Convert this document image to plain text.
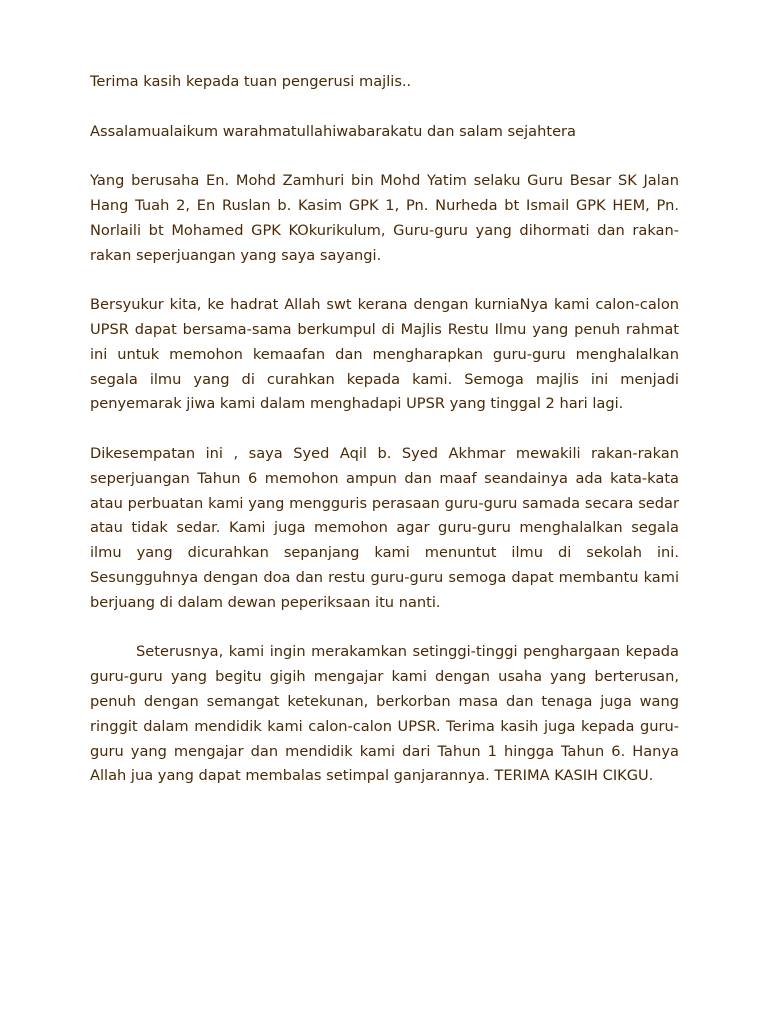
Terima kasih kepada tuan pengerusi majlis..

Assalamualaikum warahmatullahiwabarakatu dan salam sejahtera

Yang berusaha En. Mohd Zamhuri bin Mohd Yatim selaku Guru Besar SK Jalan Hang Tuah 2, En Ruslan b. Kasim GPK 1, Pn. Nurheda bt Ismail GPK HEM, Pn. Norlaili bt Mohamed GPK KOkurikulum, Guru-guru yang dihormati dan rakan-rakan seperjuangan yang saya sayangi.

Bersyukur kita, ke hadrat Allah swt kerana dengan kurniaNya kami calon-calon UPSR dapat bersama-sama berkumpul di Majlis Restu Ilmu yang penuh rahmat ini untuk memohon kemaafan dan mengharapkan guru-guru menghalalkan segala ilmu yang di curahkan kepada kami. Semoga majlis ini menjadi penyemarak jiwa kami dalam menghadapi UPSR yang tinggal 2 hari lagi.

Dikesempatan ini , saya Syed Aqil b. Syed Akhmar mewakili rakan-rakan seperjuangan Tahun 6 memohon ampun dan maaf seandainya ada kata-kata atau perbuatan kami yang mengguris perasaan guru-guru samada secara sedar atau tidak sedar. Kami juga memohon agar guru-guru menghalalkan segala ilmu yang dicurahkan sepanjang kami menuntut ilmu di sekolah ini. Sesungguhnya dengan doa dan restu guru-guru semoga dapat membantu kami berjuang di dalam dewan peperiksaan itu nanti.

Seterusnya, kami ingin merakamkan setinggi-tinggi penghargaan kepada guru-guru yang begitu gigih mengajar kami dengan usaha yang berterusan, penuh dengan semangat ketekunan, berkorban masa dan tenaga juga wang ringgit dalam mendidik kami calon-calon UPSR. Terima kasih juga kepada guru-guru yang mengajar dan mendidik kami dari Tahun 1 hingga Tahun 6. Hanya Allah jua yang dapat membalas setimpal ganjarannya. TERIMA KASIH CIKGU.
